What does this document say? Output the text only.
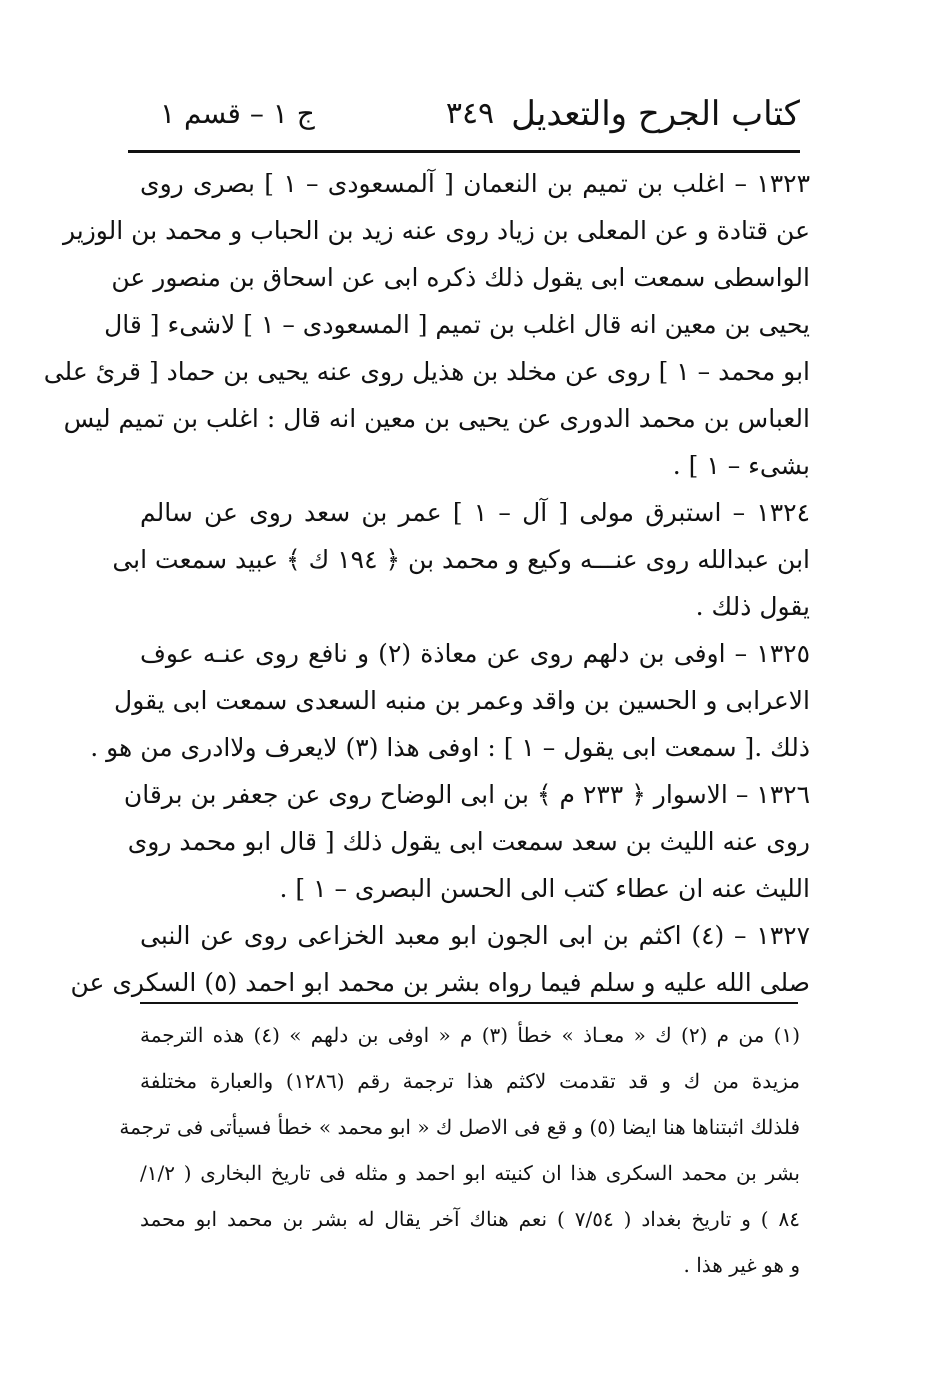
كتاب الجرح والتعديل
٣٤٩
ج ١ – قسم ١
١٣٢٣ – اغلب بن تميم بن النعمان [ آلمسعودى – ١ ] بصرى روى
عن قتادة و عن المعلى بن زياد روى عنه زيد بن الحباب و محمد بن الوزير
الواسطى سمعت ابى يقول ذلك ذكره ابى عن اسحاق بن منصور عن
يحيى بن معين انه قال اغلب بن تميم [ المسعودى – ١ ] لاشىء [ قال
ابو محمد – ١ ] روى عن مخلد بن هذيل روى عنه يحيى بن حماد [ قرئ على
العباس بن محمد الدورى عن يحيى بن معين انه قال : اغلب بن تميم ليس
بشىء – ١ ] .
١٣٢٤ – استبرق مولى [ آل – ١ ] عمر بن سعد روى عن سالم
ابن عبدالله روى عنـــه وكيع و محمد بن ﴿ ١٩٤ ك ﴾ عبيد سمعت ابى
يقول ذلك .
١٣٢٥ – اوفى بن دلهم روى عن معاذة (٢) و نافع روى عنـه عوف
الاعرابى و الحسين بن واقد وعمر بن منبه السعدى سمعت ابى يقول
ذلك .[ سمعت ابى يقول – ١ ] : اوفى هذا (٣) لايعرف ولاادرى من هو .
١٣٢٦ – الاسوار ﴿ ٢٣٣ م ﴾ بن ابى الوضاح روى عن جعفر بن برقان
روى عنه الليث بن سعد سمعت ابى يقول ذلك [ قال ابو محمد روى
الليث عنه ان عطاء كتب الى الحسن البصرى – ١ ] .
١٣٢٧ – (٤) اكثم بن ابى الجون ابو معبد الخزاعى روى عن النبى
صلى الله عليه و سلم فيما رواه بشر بن محمد ابو احمد (٥) السكرى عن
(١) من م (٢) ك « معـاذ » خطأ (٣) م « اوفى بن دلهم » (٤) هذه الترجمة
مزيدة من ك و قد تقدمت لاكثم هذا ترجمة رقم (١٢٨٦) والعبارة مختلفة
فلذلك اثبتناها هنا ايضا (٥) و قع فى الاصل ك « ابو محمد » خطأ فسيأتى فى ترجمة
بشر بن محمد السكرى هذا ان كنيته ابو احمد و مثله فى تاريخ البخارى ( ١/٢/
٨٤ ) و تاريخ بغداد ( ٧/٥٤ ) نعم هناك آخر يقال له بشر بن محمد ابو محمد
و هو غير هذا .
